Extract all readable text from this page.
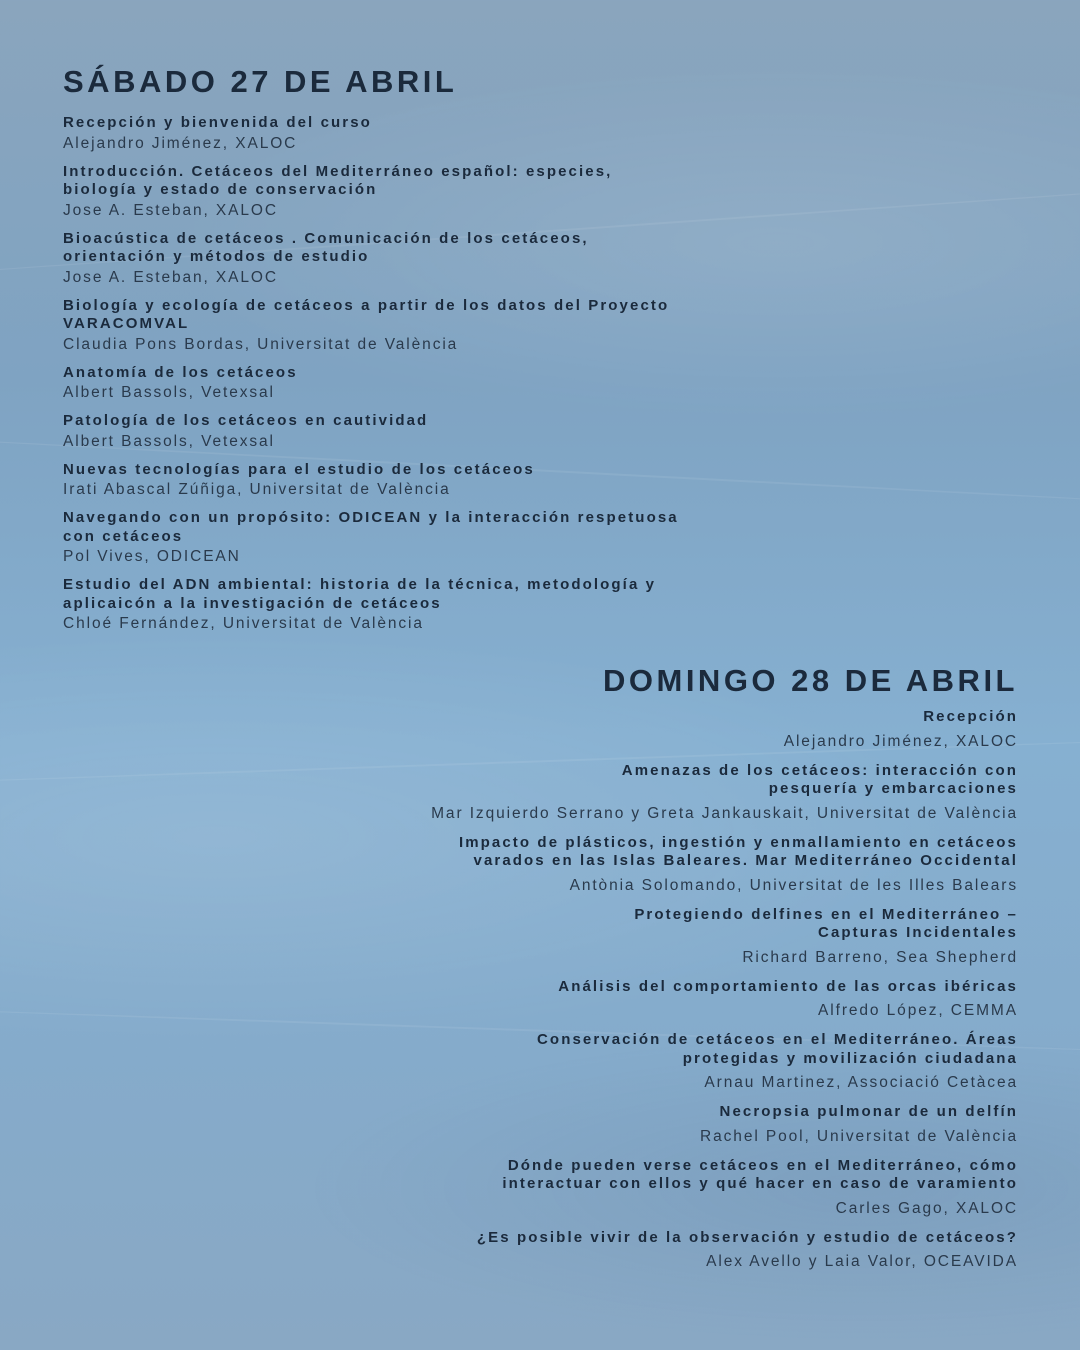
SÁBADO 27 DE ABRIL
Recepción y bienvenida del curso
Alejandro Jiménez, XALOC
Introducción. Cetáceos del Mediterráneo español: especies, biología y estado de conservación
Jose A. Esteban, XALOC
Bioacústica de cetáceos . Comunicación de los cetáceos, orientación y métodos de estudio
Jose A. Esteban, XALOC
Biología y ecología de cetáceos a partir de los datos del Proyecto VARACOMVAL
Claudia Pons Bordas, Universitat de València
Anatomía de los cetáceos
Albert Bassols, Vetexsal
Patología de los cetáceos en cautividad
Albert Bassols, Vetexsal
Nuevas tecnologías para el estudio de los cetáceos
Irati Abascal Zúñiga, Universitat de València
Navegando con un propósito: ODICEAN y la interacción respetuosa con cetáceos
Pol Vives, ODICEAN
Estudio del ADN ambiental: historia de la técnica, metodología y aplicaicón a la investigación de cetáceos
Chloé Fernández, Universitat de València
DOMINGO 28 DE ABRIL
Recepción
Alejandro Jiménez, XALOC
Amenazas de los cetáceos: interacción con pesquería y embarcaciones
Mar Izquierdo Serrano y Greta Jankauskait, Universitat de València
Impacto de plásticos, ingestión y enmallamiento en cetáceos varados en las Islas Baleares. Mar Mediterráneo Occidental
Antònia Solomando, Universitat de les Illes Balears
Protegiendo delfines en el Mediterráneo – Capturas Incidentales
Richard Barreno, Sea Shepherd
Análisis del comportamiento de las orcas ibéricas
Alfredo López, CEMMA
Conservación de cetáceos en el Mediterráneo. Áreas protegidas y movilización ciudadana
Arnau Martinez, Associació Cetàcea
Necropsia pulmonar de un delfín
Rachel Pool, Universitat de València
Dónde pueden verse cetáceos en el Mediterráneo, cómo interactuar con ellos y qué hacer en caso de varamiento
Carles Gago, XALOC
¿Es posible vivir de la observación y estudio de cetáceos?
Alex Avello y Laia Valor, OCEAVIDA
